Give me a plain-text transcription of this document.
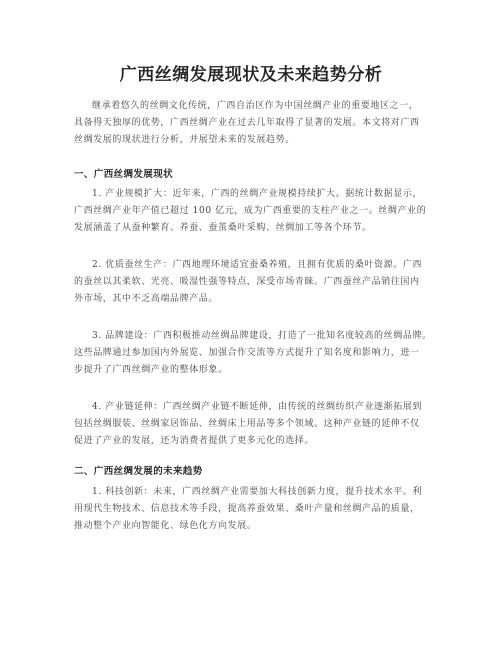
广西丝绸发展现状及未来趋势分析
继承着悠久的丝绸文化传统，广西自治区作为中国丝绸产业的重要地区之一，
具备得天独厚的优势，广西丝绸产业在过去几年取得了显著的发展。本文将对广西
丝绸发展的现状进行分析，并展望未来的发展趋势。
一、广西丝绸发展现状
1. 产业规模扩大：近年来，广西的丝绸产业规模持续扩大。据统计数据显示，
广西丝绸产业年产值已超过 100 亿元，成为广西重要的支柱产业之一。丝绸产业的
发展涵盖了从蚕种繁育、养蚕、蚕茧桑叶采购、丝绸加工等各个环节。
2. 优质蚕丝生产：广西地理环境适宜蚕桑养殖，且拥有优质的桑叶资源。广西
的蚕丝以其柔软、光亮、吸湿性强等特点，深受市场青睐。广西蚕丝产品销往国内
外市场，其中不乏高端品牌产品。
3. 品牌建设：广西积极推动丝绸品牌建设，打造了一批知名度较高的丝绸品牌。
这些品牌通过参加国内外展览、加强合作交流等方式提升了知名度和影响力，进一
步提升了广西丝绸产业的整体形象。
4. 产业链延伸：广西丝绸产业链不断延伸，由传统的丝绸纺织产业逐渐拓展到
包括丝绸服装、丝绸家居饰品、丝绸床上用品等多个领域。这种产业链的延伸不仅
促进了产业的发展，还为消费者提供了更多元化的选择。
二、广西丝绸发展的未来趋势
1. 科技创新：未来，广西丝绸产业需要加大科技创新力度，提升技术水平。利
用现代生物技术、信息技术等手段，提高养蚕效果、桑叶产量和丝绸产品的质量，
推动整个产业向智能化、绿色化方向发展。
